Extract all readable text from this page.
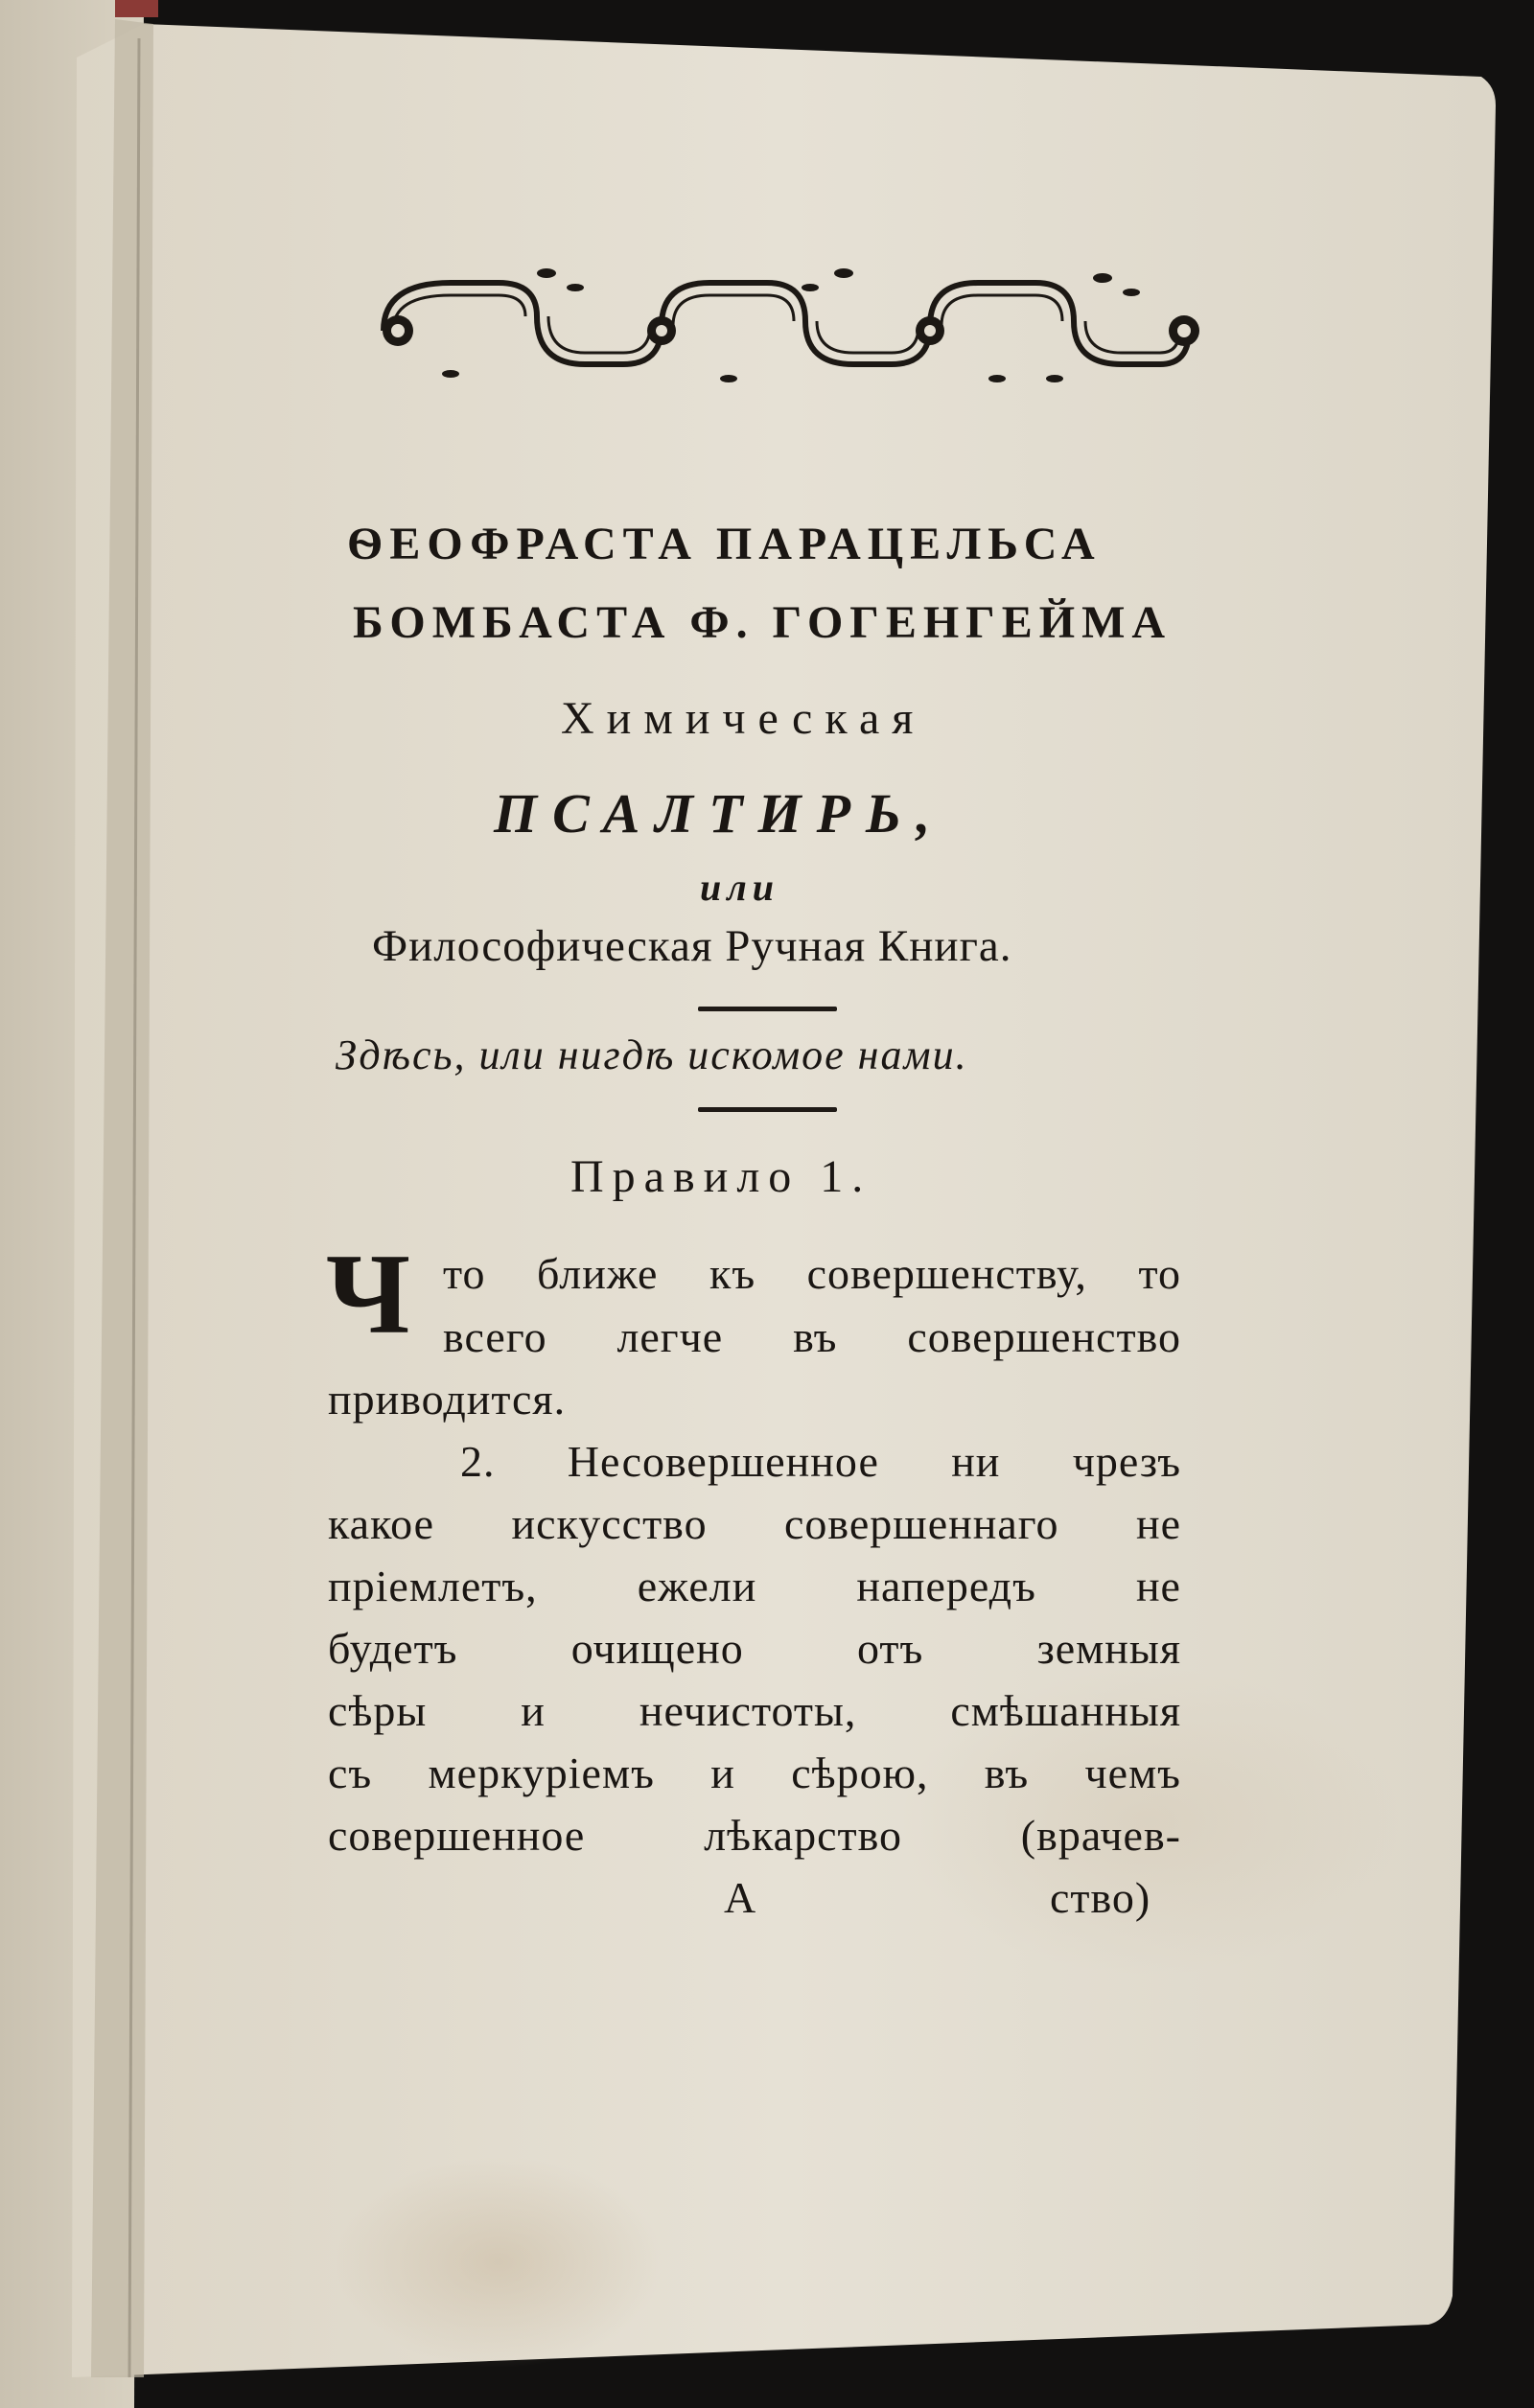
ѲЕОФРАСТА ПАРАЦЕЛЬСА
БОМБАСТА Ф. ГОГЕНГЕЙМА
Химическая
ПСАЛТИРЬ,
или
Философическая Ручная Книга.
Здѣсь, или нигдѣ искомое нами.
Правило 1.
Ч то ближе къ совершенству, то
всего легче въ совершенство
приводится.
2. Несовершенное ни чрезъ
какое искусство совершеннаго не
прiемлетъ, ежели напередъ не
будетъ	очищено	отъ	земныя
сѣры и нечистоты, смѣшанныя
съ меркурiемъ и сѣрою, въ чемъ
совершенное	лѣкарство	(врачев-
А	ство)
